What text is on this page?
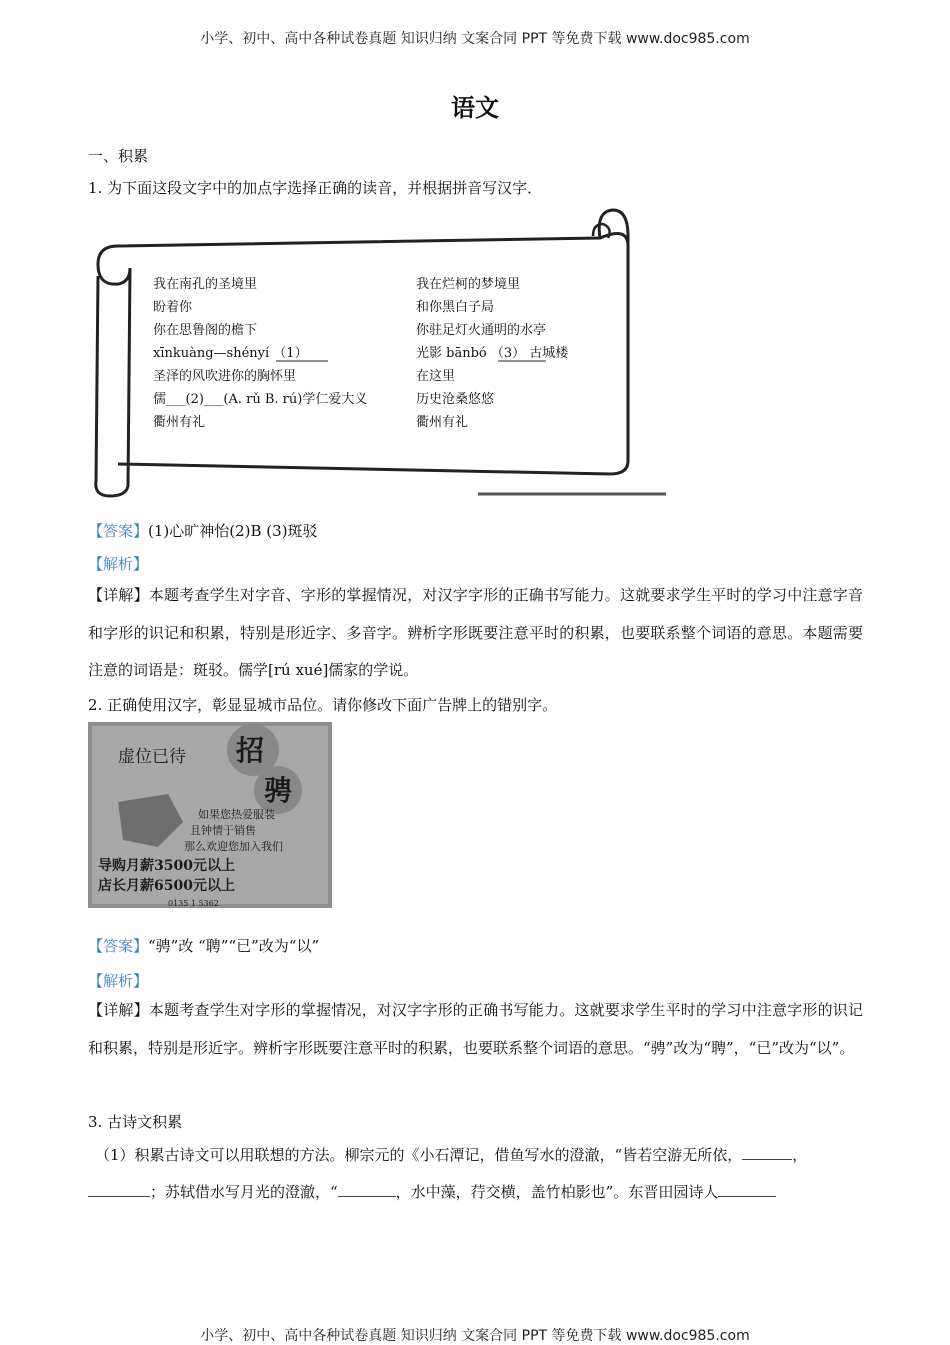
小学、初中、高中各种试卷真题 知识归纳 文案合同 PPT 等免费下载 www.doc985.com
语文
一、积累
1. 为下面这段文字中的加点字选择正确的读音，并根据拼音写汉字．
我在南孔的圣境里
盼着你
你在思鲁阁的檐下
xīnkuàng—shényí （1）
圣泽的风吹进你的胸怀里
儒___(2)___(A. rǔ B. rú)学仁爱大义
衢州有礼
我在烂柯的梦境里
和你黑白子局
你驻足灯火通明的水亭
光影 bānbó （3） 古城楼
在这里
历史沧桑悠悠
衢州有礼
【答案】(1)心旷神怡(2)B (3)斑驳
【解析】
【详解】本题考查学生对字音、字形的掌握情况，对汉字字形的正确书写能力。这就要求学生平时的学习中注意字音和字形的识记和积累，特别是形近字、多音字。辨析字形既要注意平时的积累，也要联系整个词语的意思。本题需要注意的词语是：斑驳。儒学[rú xué]儒家的学说。
2. 正确使用汉字，彰显显城市品位。请你修改下面广告牌上的错别字。
虚位已待 招
骋
如果您热爱服装
且钟情于销售
那么欢迎您加入我们
导购月薪3500元以上
店长月薪6500元以上
0135 1 5362
【答案】“骋”改 “聘”“已”改为“以”
【解析】
【详解】本题考查学生对字形的掌握情况，对汉字字形的正确书写能力。这就要求学生平时的学习中注意字形的识记和积累，特别是形近字。辨析字形既要注意平时的积累，也要联系整个词语的意思。“骋”改为“聘”，“已”改为“以”。
3. 古诗文积累
（1）积累古诗文可以用联想的方法。柳宗元的《小石潭记，借鱼写水的澄澈，“皆若空游无所依，	，
；苏轼借水写月光的澄澈，“	，水中藻，荇交横，盖竹柏影也”。东晋田园诗人
小学、初中、高中各种试卷真题 知识归纳 文案合同 PPT 等免费下载 www.doc985.com
